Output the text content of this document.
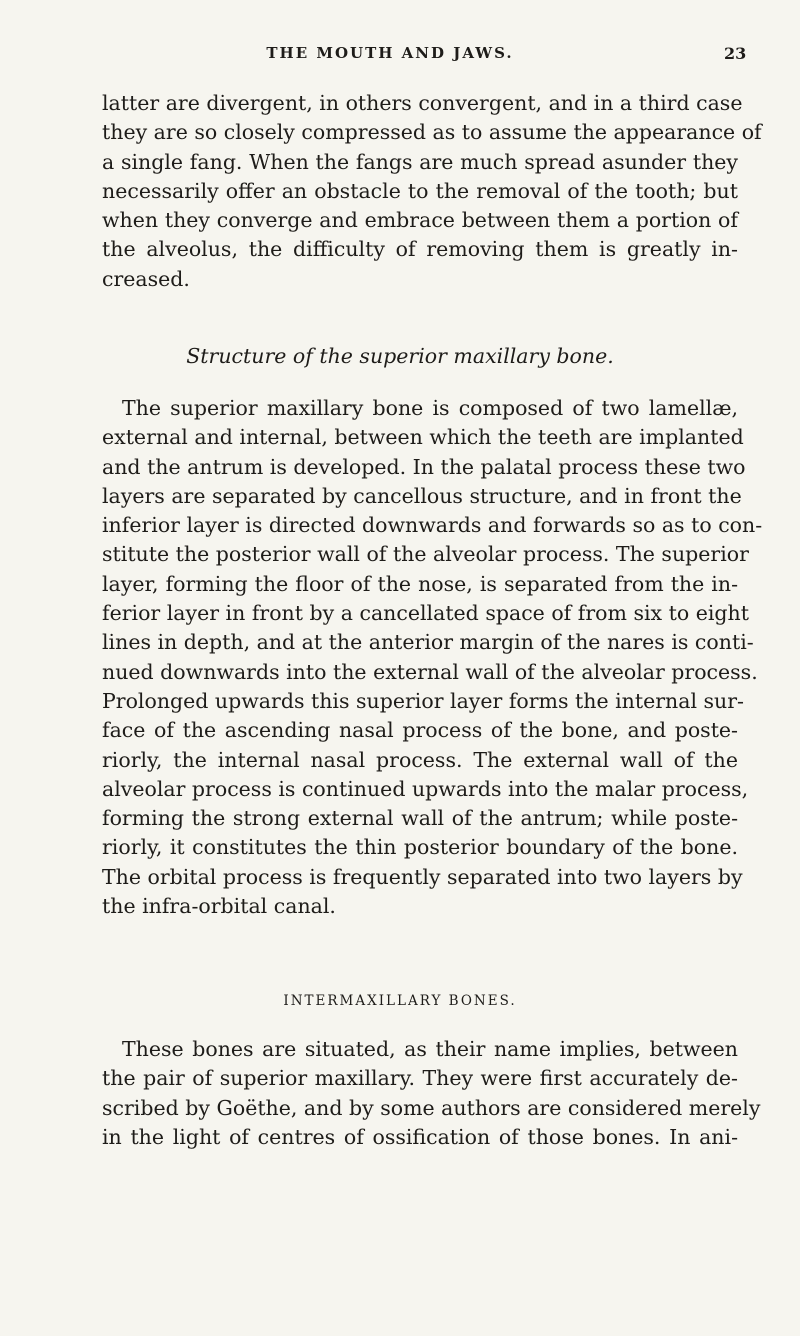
THE MOUTH AND JAWS.	23
latter are divergent, in others convergent, and in a third case
they are so closely compressed as to assume the appearance of
a single fang. When the fangs are much spread asunder they
necessarily offer an obstacle to the removal of the tooth; but
when they converge and embrace between them a portion of
the alveolus, the difficulty of removing them is greatly in-
creased.
Structure of the superior maxillary bone.
The superior maxillary bone is composed of two lamellæ,
external and internal, between which the teeth are implanted
and the antrum is developed. In the palatal process these two
layers are separated by cancellous structure, and in front the
inferior layer is directed downwards and forwards so as to con-
stitute the posterior wall of the alveolar process. The superior
layer, forming the floor of the nose, is separated from the in-
ferior layer in front by a cancellated space of from six to eight
lines in depth, and at the anterior margin of the nares is conti-
nued downwards into the external wall of the alveolar process.
Prolonged upwards this superior layer forms the internal sur-
face of the ascending nasal process of the bone, and poste-
riorly, the internal nasal process. The external wall of the
alveolar process is continued upwards into the malar process,
forming the strong external wall of the antrum; while poste-
riorly, it constitutes the thin posterior boundary of the bone.
The orbital process is frequently separated into two layers by
the infra-orbital canal.
INTERMAXILLARY BONES.
These bones are situated, as their name implies, between
the pair of superior maxillary. They were first accurately de-
scribed by Goëthe, and by some authors are considered merely
in the light of centres of ossification of those bones. In ani-
